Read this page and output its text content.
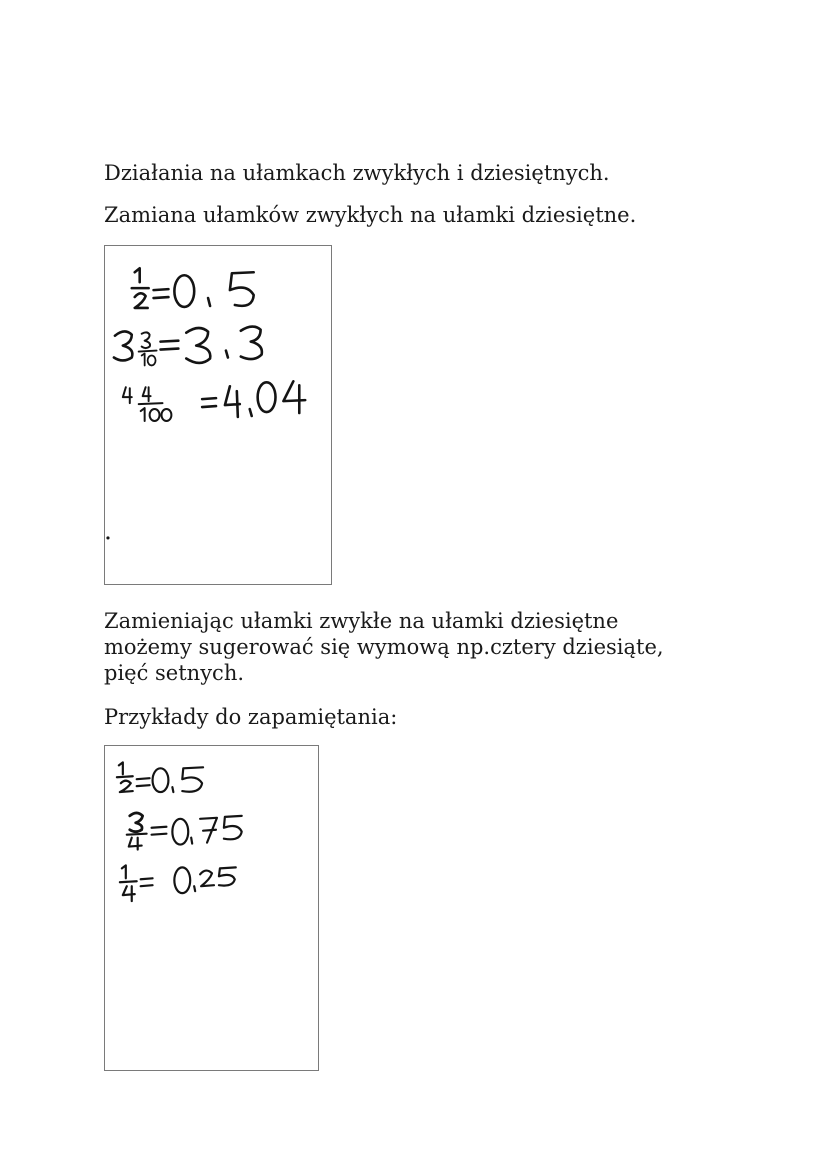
Działania na ułamkach zwykłych i dziesiętnych.

Zamiana ułamków zwykłych na ułamki dziesiętne.

Zamieniając ułamki zwykłe na ułamki dziesiętne
możemy sugerować się wymową np.cztery dziesiąte,
pięć setnych.

Przykłady do zapamiętania:
